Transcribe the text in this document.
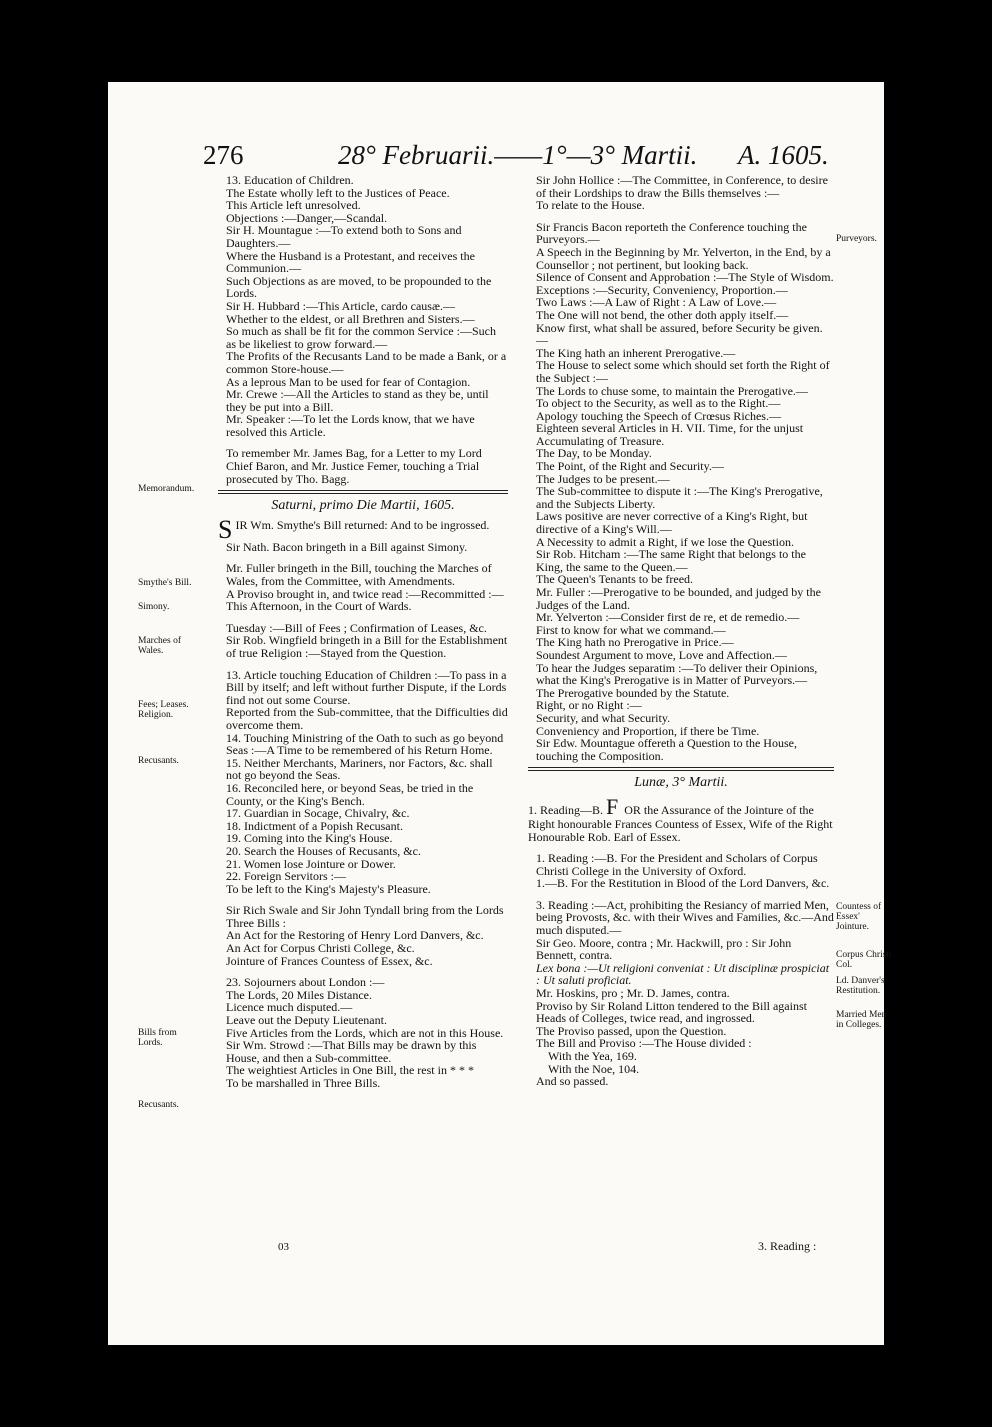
276	28° Februarii.——1°—3° Martii. A. 1605.

13. Education of Children.

The Estate wholly left to the Justices of Peace.

This Article left unresolved.

Objections :—Danger,—Scandal.

Sir H. Mountague :—To extend both to Sons and Daughters.—

Where the Husband is a Protestant, and receives the Communion.—

Such Objections as are moved, to be propounded to the Lords.

Sir H. Hubbard :—This Article, cardo causæ.—

Whether to the eldest, or all Brethren and Sisters.—

So much as shall be fit for the common Service :—Such as be likeliest to grow forward.—

The Profits of the Recusants Land to be made a Bank, or a common Store-house.—

As a leprous Man to be used for fear of Contagion.

Mr. Crewe :—All the Articles to stand as they be, until they be put into a Bill.

Mr. Speaker :—To let the Lords know, that we have resolved this Article.

To remember Mr. James Bag, for a Letter to my Lord Chief Baron, and Mr. Justice Femer, touching a Trial prosecuted by Tho. Bagg.

Saturni, primo Die Martii, 1605.

S IR Wm. Smythe's Bill returned: And to be ingrossed.

Sir Nath. Bacon bringeth in a Bill against Simony.

Mr. Fuller bringeth in the Bill, touching the Marches of Wales, from the Committee, with Amendments.

A Proviso brought in, and twice read :—Recommitted :—This Afternoon, in the Court of Wards.

Tuesday :—Bill of Fees ; Confirmation of Leases, &c.

Sir Rob. Wingfield bringeth in a Bill for the Establishment of true Religion :—Stayed from the Question.

13. Article touching Education of Children :—To pass in a Bill by itself; and left without further Dispute, if the Lords find not out some Course.

Reported from the Sub-committee, that the Difficulties did overcome them.

14. Touching Ministring of the Oath to such as go beyond Seas :—A Time to be remembered of his Return Home.

15. Neither Merchants, Mariners, nor Factors, &c. shall not go beyond the Seas.

16. Reconciled here, or beyond Seas, be tried in the County, or the King's Bench.

17. Guardian in Socage, Chivalry, &c.

18. Indictment of a Popish Recusant.

19. Coming into the King's House.

20. Search the Houses of Recusants, &c.

21. Women lose Jointure or Dower.

22. Foreign Servitors :—

To be left to the King's Majesty's Pleasure.

Sir Rich Swale and Sir John Tyndall bring from the Lords Three Bills :

An Act for the Restoring of Henry Lord Danvers, &c.

An Act for Corpus Christi College, &c.

Jointure of Frances Countess of Essex, &c.

23. Sojourners about London :—

The Lords, 20 Miles Distance.

Licence much disputed.—

Leave out the Deputy Lieutenant.

Five Articles from the Lords, which are not in this House.

Sir Wm. Strowd :—That Bills may be drawn by this House, and then a Sub-committee.

The weightiest Articles in One Bill, the rest in * * *

To be marshalled in Three Bills.

Sir John Hollice :—The Committee, in Conference, to desire of their Lordships to draw the Bills themselves :—

To relate to the House.

Sir Francis Bacon reporteth the Conference touching the Purveyors.—

A Speech in the Beginning by Mr. Yelverton, in the End, by a Counsellor ; not pertinent, but looking back.

Silence of Consent and Approbation :—The Style of Wisdom.

Exceptions :—Security, Conveniency, Proportion.—

Two Laws :—A Law of Right : A Law of Love.—

The One will not bend, the other doth apply itself.—

Know first, what shall be assured, before Security be given.—

The King hath an inherent Prerogative.—

The House to select some which should set forth the Right of the Subject :—

The Lords to chuse some, to maintain the Prerogative.—

To object to the Security, as well as to the Right.—

Apology touching the Speech of Crœsus Riches.—

Eighteen several Articles in H. VII. Time, for the unjust Accumulating of Treasure.

The Day, to be Monday.

The Point, of the Right and Security.—

The Judges to be present.—

The Sub-committee to dispute it :—The King's Prerogative, and the Subjects Liberty.

Laws positive are never corrective of a King's Right, but directive of a King's Will.—

A Necessity to admit a Right, if we lose the Question.

Sir Rob. Hitcham :—The same Right that belongs to the King, the same to the Queen.—

The Queen's Tenants to be freed.

Mr. Fuller :—Prerogative to be bounded, and judged by the Judges of the Land.

Mr. Yelverton :—Consider first de re, et de remedio.—

First to know for what we command.—

The King hath no Prerogative in Price.—

Soundest Argument to move, Love and Affection.—

To hear the Judges separatim :—To deliver their Opinions, what the King's Prerogative is in Matter of Purveyors.—

The Prerogative bounded by the Statute.

Right, or no Right :—

Security, and what Security.

Conveniency and Proportion, if there be Time.

Sir Edw. Mountague offereth a Question to the House, touching the Composition.

Lunæ, 3° Martii.

1. Reading—B. F OR the Assurance of the Jointure of the Right honourable Frances Countess of Essex, Wife of the Right Honourable Rob. Earl of Essex.

1. Reading :—B. For the President and Scholars of Corpus Christi College in the University of Oxford.

1.—B. For the Restitution in Blood of the Lord Danvers, &c.

3. Reading :—Act, prohibiting the Resiancy of married Men, being Provosts, &c. with their Wives and Families, &c.—And much disputed.—

Sir Geo. Moore, contra ; Mr. Hackwill, pro : Sir John Bennett, contra.

Lex bona :—Ut religioni conveniat : Ut disciplinæ prospiciat : Ut saluti proficiat.

Mr. Hoskins, pro ; Mr. D. James, contra.

Proviso by Sir Roland Litton tendered to the Bill against Heads of Colleges, twice read, and ingrossed.

The Proviso passed, upon the Question.

The Bill and Proviso :—The House divided :

With the Yea, 169.

With the Noe, 104.

And so passed.

Memorandum.
Smythe's Bill.
Simony.
Marches of Wales.
Fees; Leases. Religion.
Recusants.
Bills from Lords.
Recusants.
Purveyors.
Countess of Essex' Jointure.
Corpus Christi Col.
Ld. Danver's Restitution.
Married Men in Colleges.
03	3. Reading :
